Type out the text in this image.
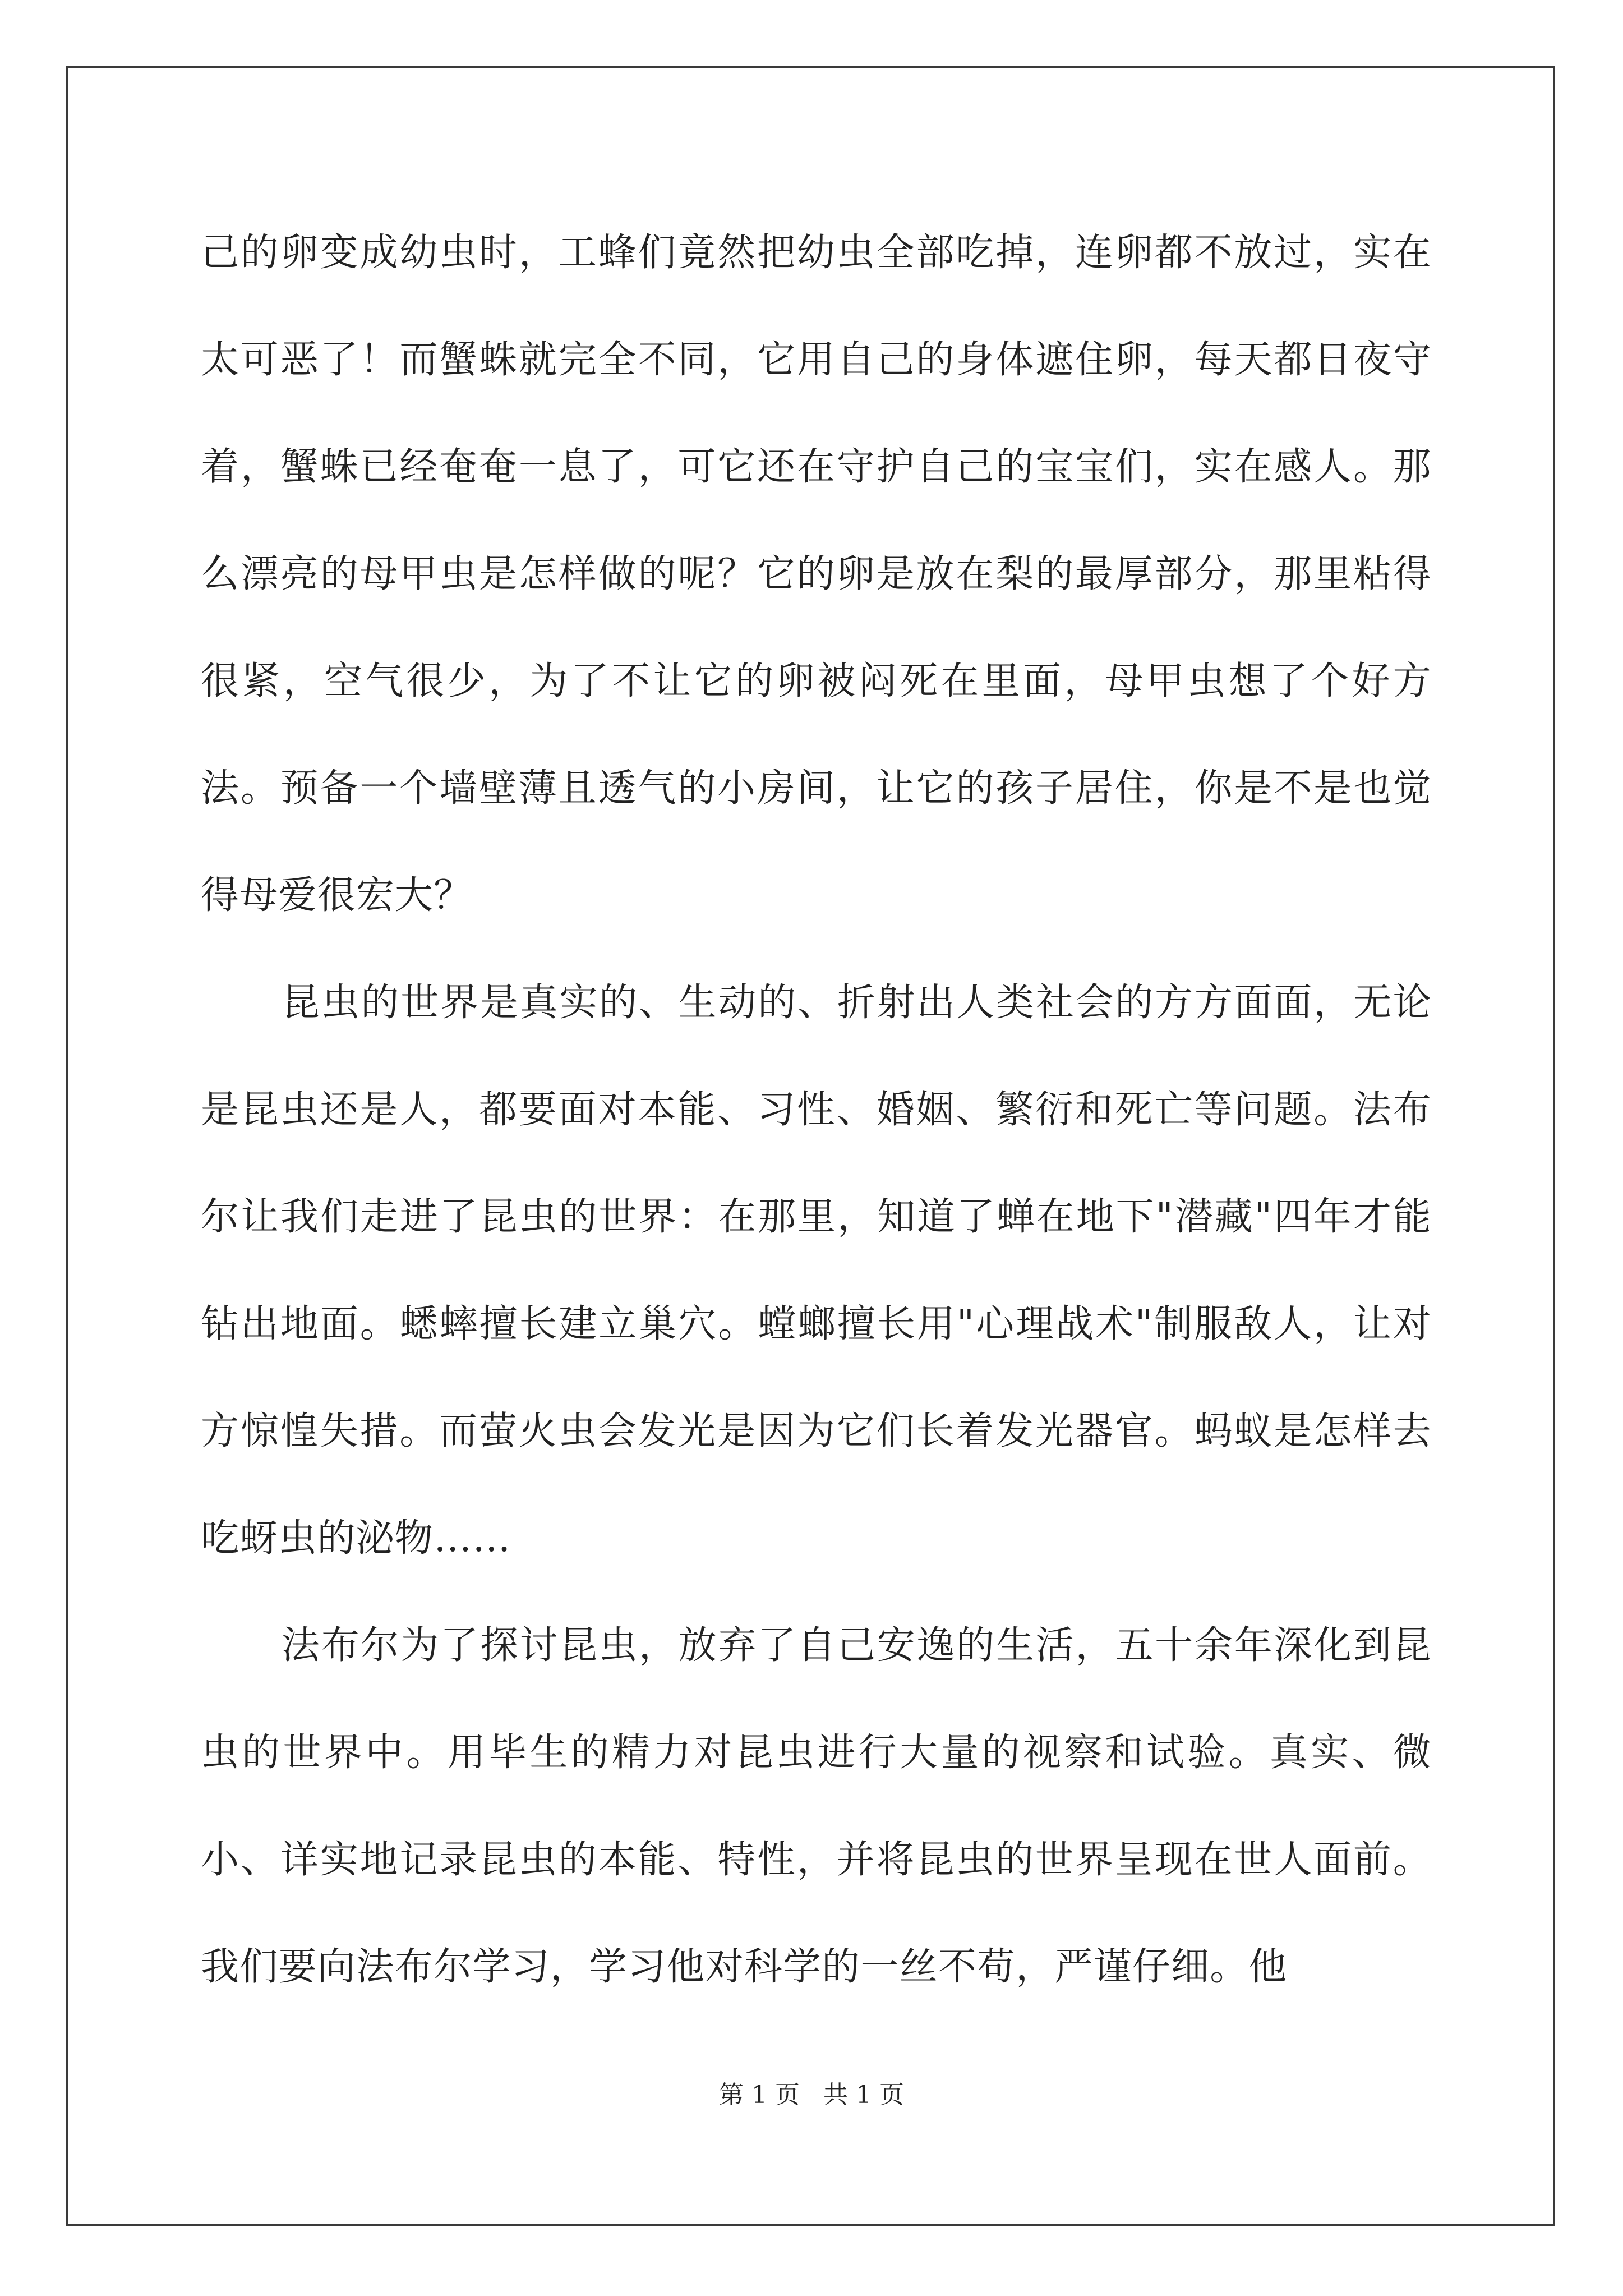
己的卵变成幼虫时，工蜂们竟然把幼虫全部吃掉，连卵都不放过，实在太可恶了！而蟹蛛就完全不同，它用自己的身体遮住卵，每天都日夜守着，蟹蛛已经奄奄一息了，可它还在守护自己的宝宝们，实在感人。那么漂亮的母甲虫是怎样做的呢？它的卵是放在梨的最厚部分，那里粘得很紧，空气很少，为了不让它的卵被闷死在里面，母甲虫想了个好方法。预备一个墙壁薄且透气的小房间，让它的孩子居住，你是不是也觉得母爱很宏大？

昆虫的世界是真实的、生动的、折射出人类社会的方方面面，无论是昆虫还是人，都要面对本能、习性、婚姻、繁衍和死亡等问题。法布尔让我们走进了昆虫的世界：在那里，知道了蝉在地下"潜藏"四年才能钻出地面。蟋蟀擅长建立巢穴。螳螂擅长用"心理战术"制服敌人，让对方惊惶失措。而萤火虫会发光是因为它们长着发光器官。蚂蚁是怎样去吃蚜虫的泌物……

法布尔为了探讨昆虫，放弃了自己安逸的生活，五十余年深化到昆虫的世界中。用毕生的精力对昆虫进行大量的视察和试验。真实、微小、详实地记录昆虫的本能、特性，并将昆虫的世界呈现在世人面前。我们要向法布尔学习，学习他对科学的一丝不苟，严谨仔细。他

第 1 页   共 1 页
